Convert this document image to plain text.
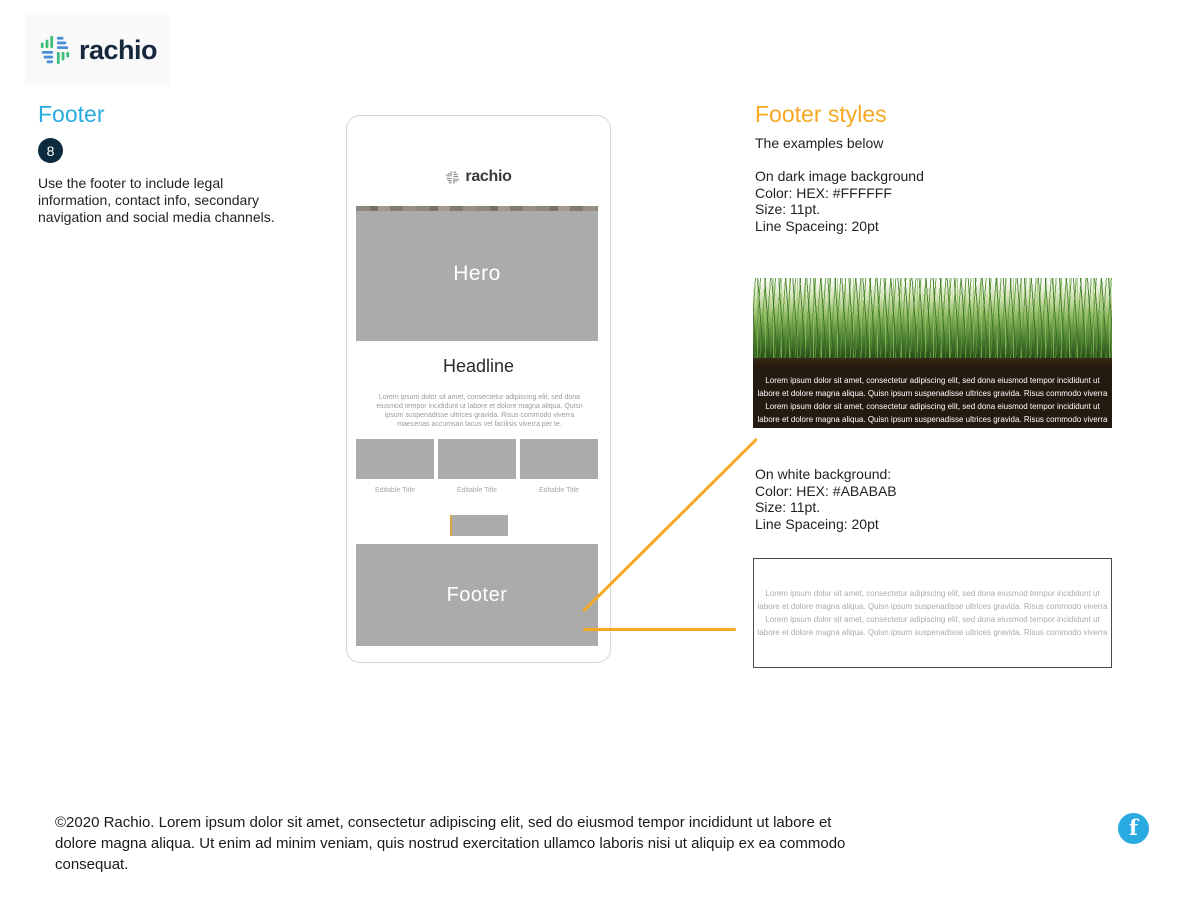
rachio
Footer
8
Use the footer to include legal information, contact info, secondary navigation and social media channels.
rachio
Hero
Headline
Lorem ipsum dolor sit amet, consectetur adipiscing elit, sed dona eiusmod tempor incididunt ut labore et dolore magna aliqua. Quisn ipsum suspenadisse ultrices gravida. Risus commodo viverra maecenas accumsan lacus vel facilisis viverra per te.
Editable Title	Editable Title	Editable Title
Footer
Footer styles
The examples below
On dark image background
Color: HEX: #FFFFFF
Size: 11pt.
Line Spaceing: 20pt
Lorem ipsum dolor sit amet, consectetur adipiscing elit, sed dona eiusmod tempor incididunt ut
labore et dolore magna aliqua. Quisn ipsum suspenadisse ultrices gravida. Risus commodo viverra
Lorem ipsum dolor sit amet, consectetur adipiscing elit, sed dona eiusmod tempor incididunt ut
labore et dolore magna aliqua. Quisn ipsum suspenadisse ultrices gravida. Risus commodo viverra
On white background:
Color: HEX: #ABABAB
Size: 11pt.
Line Spaceing: 20pt
Lorem ipsum dolor sit amet, consectetur adipiscing elit, sed dona eiusmod tempor incididunt ut
labore et dolore magna aliqua. Quisn ipsum suspenadisse ultrices gravida. Risus commodo viverra
Lorem ipsum dolor sit amet, consectetur adipiscing elit, sed dona eiusmod tempor incididunt ut
labore et dolore magna aliqua. Quisn ipsum suspenadisse ultrices gravida. Risus commodo viverra
©2020 Rachio. Lorem ipsum dolor sit amet, consectetur adipiscing elit, sed do eiusmod tempor incididunt ut labore et dolore magna aliqua. Ut enim ad minim veniam, quis nostrud exercitation ullamco laboris nisi ut aliquip ex ea commodo consequat.
f
